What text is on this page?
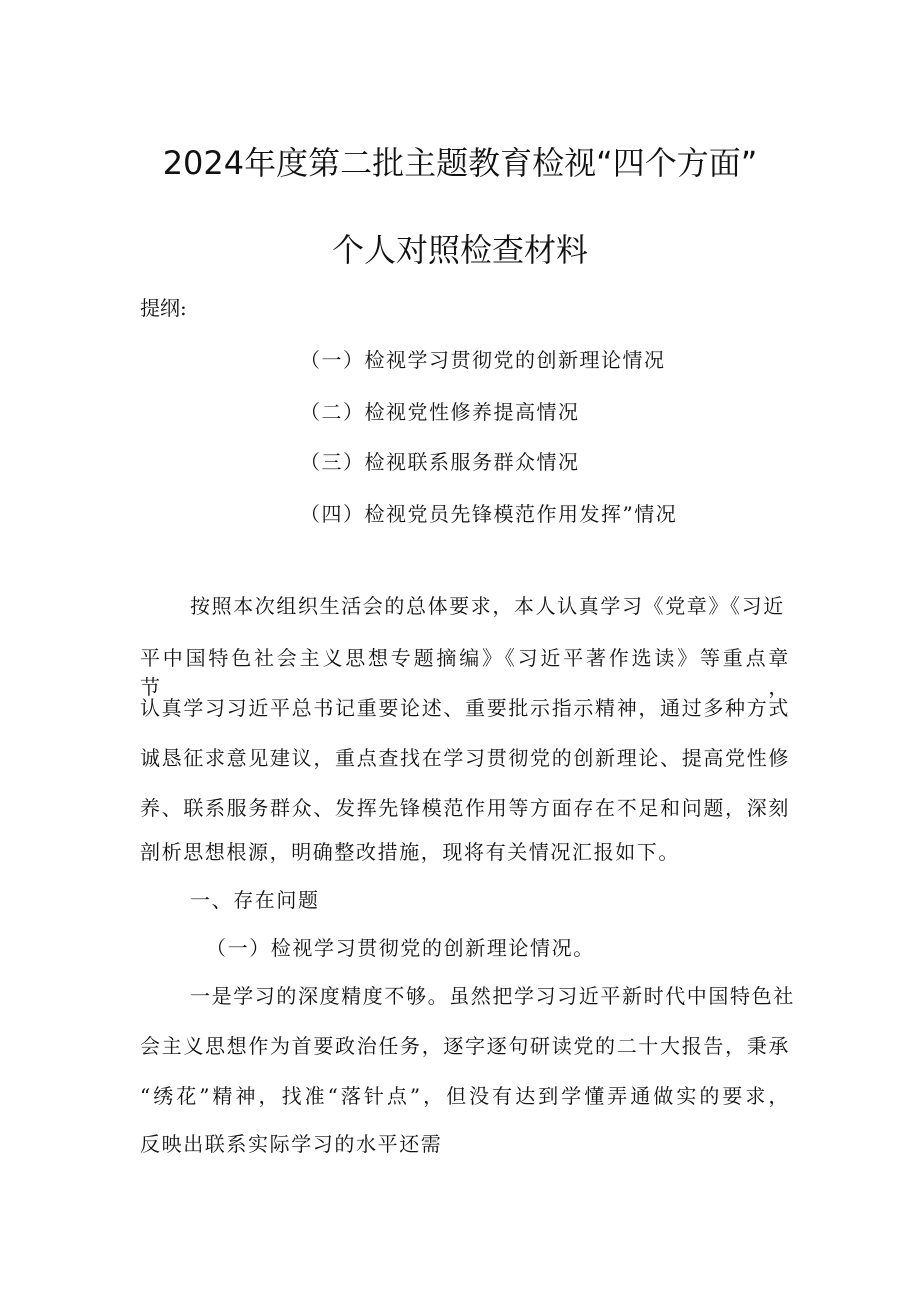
2024年度第二批主题教育检视“四个方面”
个人对照检查材料
提纲:
（一）检视学习贯彻党的创新理论情况
（二）检视党性修养提高情况
（三）检视联系服务群众情况
（四）检视党员先锋模范作用发挥”情况
按照本次组织生活会的总体要求，本人认真学习《党章》《习近
平中国特色社会主义思想专题摘编》《习近平著作选读》等重点章节，
认真学习习近平总书记重要论述、重要批示指示精神，通过多种方式
诚恳征求意见建议，重点查找在学习贯彻党的创新理论、提高党性修
养、联系服务群众、发挥先锋模范作用等方面存在不足和问题，深刻
剖析思想根源，明确整改措施，现将有关情况汇报如下。
一、存在问题
（一）检视学习贯彻党的创新理论情况。
一是学习的深度精度不够。虽然把学习习近平新时代中国特色社
会主义思想作为首要政治任务，逐字逐句研读党的二十大报告，秉承
“绣花”精神，找准“落针点”，但没有达到学懂弄通做实的要求，
反映出联系实际学习的水平还需
